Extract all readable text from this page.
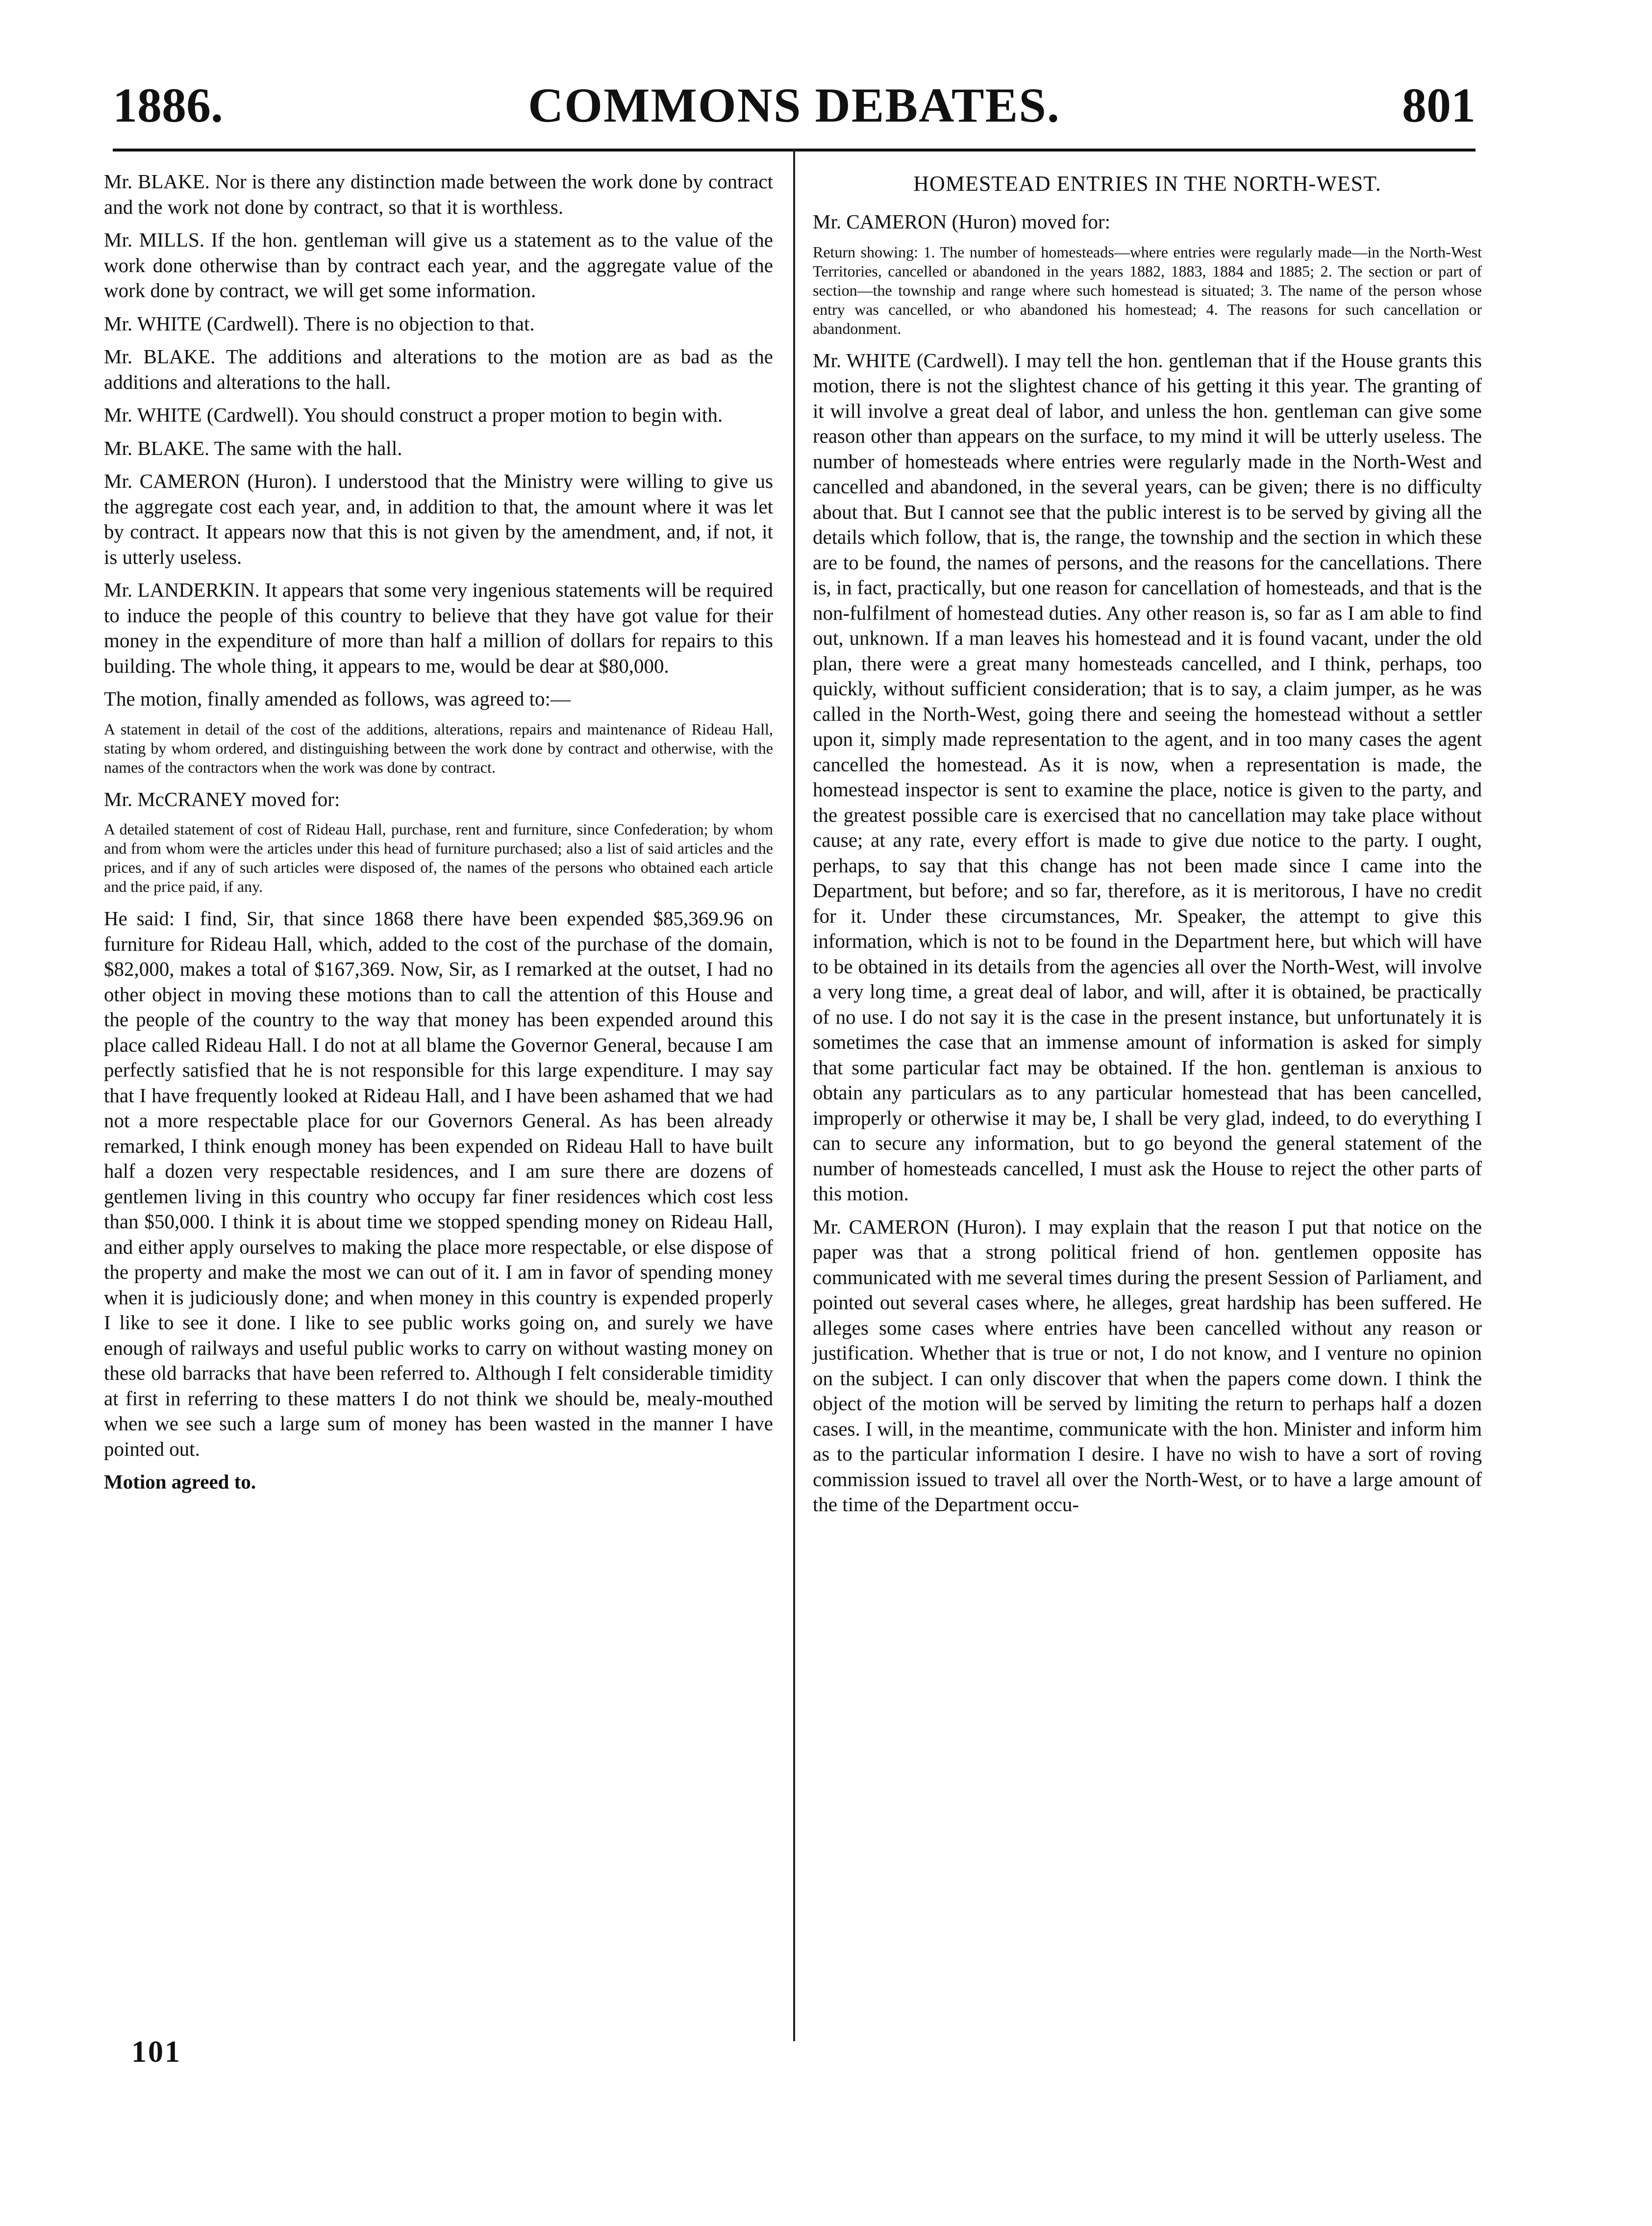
COMMONS DEBATES.
1886.	801

Mr. BLAKE. Nor is there any distinction made between the work done by contract and the work not done by contract, so that it is worthless.

Mr. MILLS. If the hon. gentleman will give us a statement as to the value of the work done otherwise than by contract each year, and the aggregate value of the work done by contract, we will get some information.

Mr. WHITE (Cardwell). There is no objection to that.

Mr. BLAKE. The additions and alterations to the motion are as bad as the additions and alterations to the hall.

Mr. WHITE (Cardwell). You should construct a proper motion to begin with.

Mr. BLAKE. The same with the hall.

Mr. CAMERON (Huron). I understood that the Ministry were willing to give us the aggregate cost each year, and, in addition to that, the amount where it was let by contract. It appears now that this is not given by the amendment, and, if not, it is utterly useless.

Mr. LANDERKIN. It appears that some very ingenious statements will be required to induce the people of this country to believe that they have got value for their money in the expenditure of more than half a million of dollars for repairs to this building. The whole thing, it appears to me, would be dear at $80,000.

The motion, finally amended as follows, was agreed to:—

A statement in detail of the cost of the additions, alterations, repairs and maintenance of Rideau Hall, stating by whom ordered, and distinguishing between the work done by contract and otherwise, with the names of the contractors when the work was done by contract.

Mr. McCRANEY moved for:

A detailed statement of cost of Rideau Hall, purchase, rent and furniture, since Confederation; by whom and from whom were the articles under this head of furniture purchased; also a list of said articles and the prices, and if any of such articles were disposed of, the names of the persons who obtained each article and the price paid, if any.

He said: I find, Sir, that since 1868 there have been expended $85,369.96 on furniture for Rideau Hall, which, added to the cost of the purchase of the domain, $82,000, makes a total of $167,369. Now, Sir, as I remarked at the outset, I had no other object in moving these motions than to call the attention of this House and the people of the country to the way that money has been expended around this place called Rideau Hall. I do not at all blame the Governor General, because I am perfectly satisfied that he is not responsible for this large expenditure. I may say that I have frequently looked at Rideau Hall, and I have been ashamed that we had not a more respectable place for our Governors General. As has been already remarked, I think enough money has been expended on Rideau Hall to have built half a dozen very respectable residences, and I am sure there are dozens of gentlemen living in this country who occupy far finer residences which cost less than $50,000. I think it is about time we stopped spending money on Rideau Hall, and either apply ourselves to making the place more respectable, or else dispose of the property and make the most we can out of it. I am in favor of spending money when it is judiciously done; and when money in this country is expended properly I like to see it done. I like to see public works going on, and surely we have enough of railways and useful public works to carry on without wasting money on these old barracks that have been referred to. Although I felt considerable timidity at first in referring to these matters I do not think we should be, mealy-mouthed when we see such a large sum of money has been wasted in the manner I have pointed out.

Motion agreed to.

HOMESTEAD ENTRIES IN THE NORTH-WEST.

Mr. CAMERON (Huron) moved for:

Return showing: 1. The number of homesteads—where entries were regularly made—in the North-West Territories, cancelled or abandoned in the years 1882, 1883, 1884 and 1885; 2. The section or part of section—the township and range where such homestead is situated; 3. The name of the person whose entry was cancelled, or who abandoned his homestead; 4. The reasons for such cancellation or abandonment.

Mr. WHITE (Cardwell). I may tell the hon. gentleman that if the House grants this motion, there is not the slightest chance of his getting it this year. The granting of it will involve a great deal of labor, and unless the hon. gentleman can give some reason other than appears on the surface, to my mind it will be utterly useless. The number of homesteads where entries were regularly made in the North-West and cancelled and abandoned, in the several years, can be given; there is no difficulty about that. But I cannot see that the public interest is to be served by giving all the details which follow, that is, the range, the township and the section in which these are to be found, the names of persons, and the reasons for the cancellations. There is, in fact, practically, but one reason for cancellation of homesteads, and that is the non-fulfilment of homestead duties. Any other reason is, so far as I am able to find out, unknown. If a man leaves his homestead and it is found vacant, under the old plan, there were a great many homesteads cancelled, and I think, perhaps, too quickly, without sufficient consideration; that is to say, a claim jumper, as he was called in the North-West, going there and seeing the homestead without a settler upon it, simply made representation to the agent, and in too many cases the agent cancelled the homestead. As it is now, when a representation is made, the homestead inspector is sent to examine the place, notice is given to the party, and the greatest possible care is exercised that no cancellation may take place without cause; at any rate, every effort is made to give due notice to the party. I ought, perhaps, to say that this change has not been made since I came into the Department, but before; and so far, therefore, as it is meritorous, I have no credit for it. Under these circumstances, Mr. Speaker, the attempt to give this information, which is not to be found in the Department here, but which will have to be obtained in its details from the agencies all over the North-West, will involve a very long time, a great deal of labor, and will, after it is obtained, be practically of no use. I do not say it is the case in the present instance, but unfortunately it is sometimes the case that an immense amount of information is asked for simply that some particular fact may be obtained. If the hon. gentleman is anxious to obtain any particulars as to any particular homestead that has been cancelled, improperly or otherwise it may be, I shall be very glad, indeed, to do everything I can to secure any information, but to go beyond the general statement of the number of homesteads cancelled, I must ask the House to reject the other parts of this motion.

Mr. CAMERON (Huron). I may explain that the reason I put that notice on the paper was that a strong political friend of hon. gentlemen opposite has communicated with me several times during the present Session of Parliament, and pointed out several cases where, he alleges, great hardship has been suffered. He alleges some cases where entries have been cancelled without any reason or justification. Whether that is true or not, I do not know, and I venture no opinion on the subject. I can only discover that when the papers come down. I think the object of the motion will be served by limiting the return to perhaps half a dozen cases. I will, in the meantime, communicate with the hon. Minister and inform him as to the particular information I desire. I have no wish to have a sort of roving commission issued to travel all over the North-West, or to have a large amount of the time of the Department occu-

101
